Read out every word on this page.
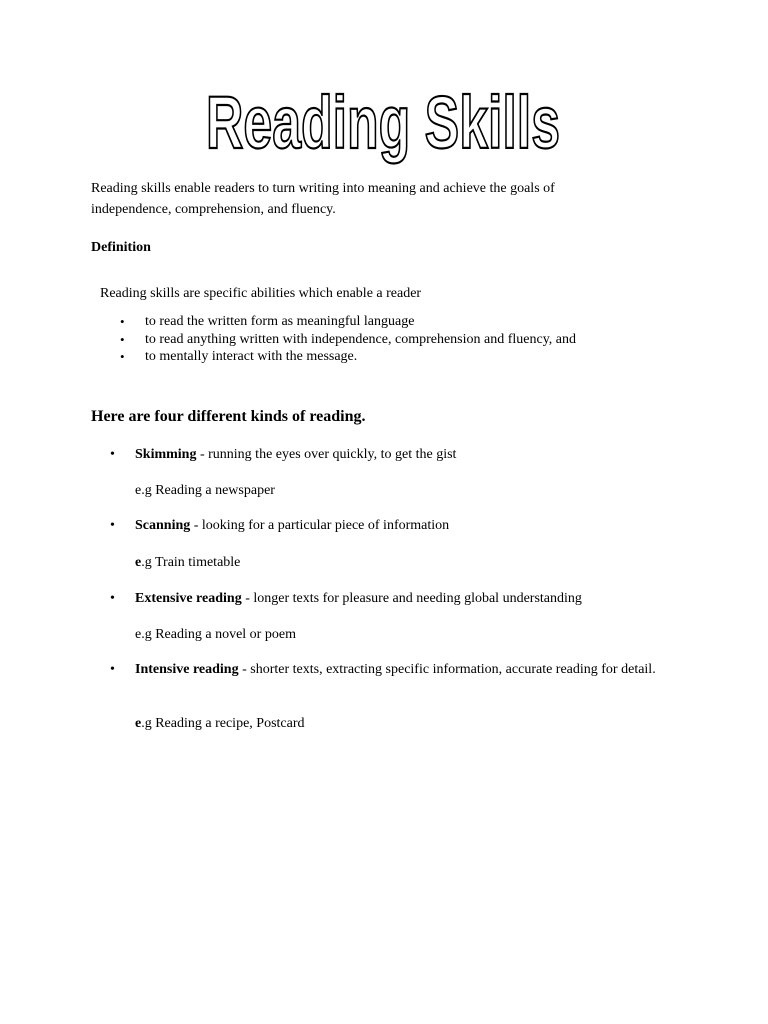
Reading Skills
Reading skills enable readers to turn writing into meaning and achieve the goals of independence, comprehension, and fluency.
Definition
Reading skills are specific abilities which enable a reader
• to read the written form as meaningful language
• to read anything written with independence, comprehension and fluency, and
• to mentally interact with the message.
Here are four different kinds of reading.
• Skimming - running the eyes over quickly, to get the gist
e.g Reading a newspaper
• Scanning - looking for a particular piece of information
e.g Train timetable
• Extensive reading - longer texts for pleasure and needing global understanding
e.g Reading a novel or poem
• Intensive reading - shorter texts, extracting specific information, accurate reading for detail.
e.g Reading a recipe, Postcard
